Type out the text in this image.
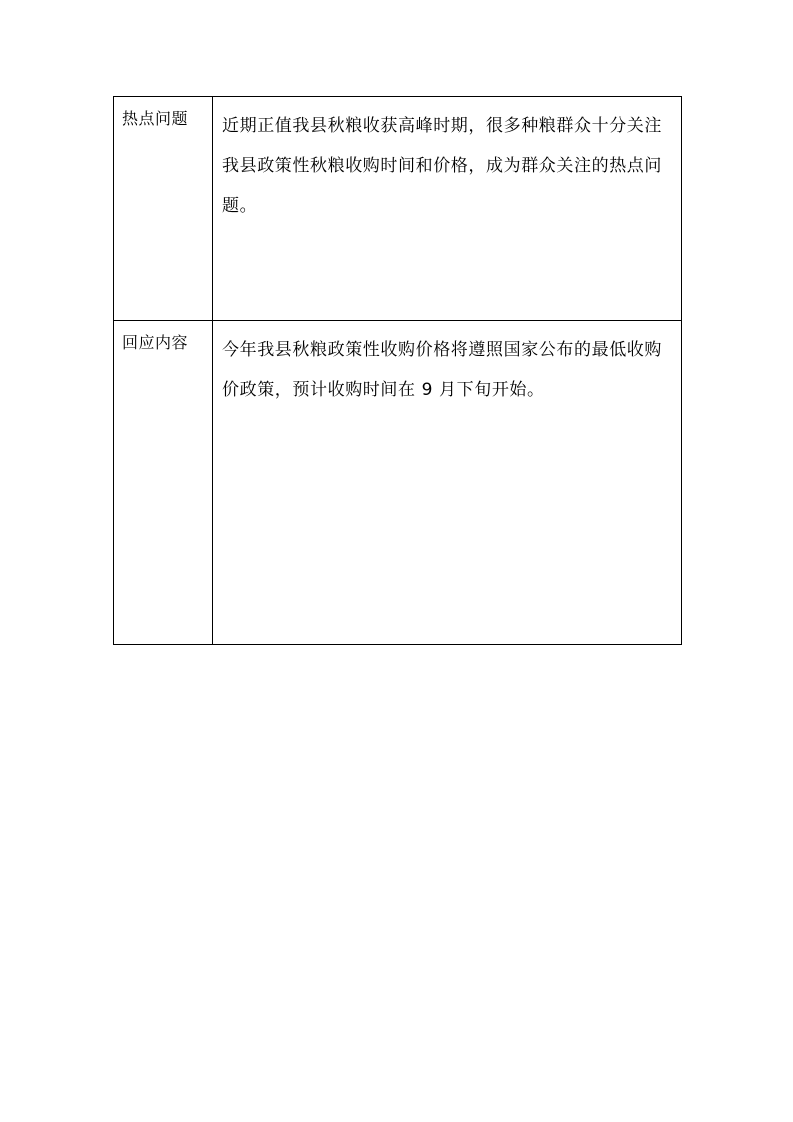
热点问题	近期正值我县秋粮收获高峰时期，很多种粮群众十分关注我县政策性秋粮收购时间和价格，成为群众关注的热点问题。

回应内容	今年我县秋粮政策性收购价格将遵照国家公布的最低收购价政策，预计收购时间在 9 月下旬开始。
